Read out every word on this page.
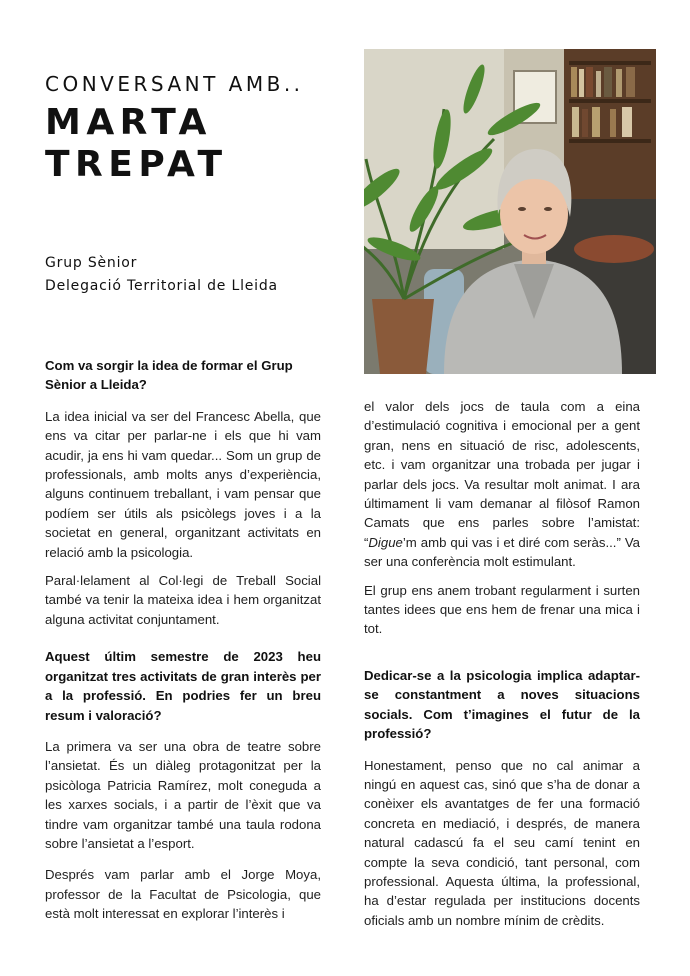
CONVERSANT AMB..
MARTA
TREPAT
Grup Sènior
Delegació Territorial de Lleida

Com va sorgir la idea de formar el Grup Sènior a Lleida?

La idea inicial va ser del Francesc Abella, que ens va citar per parlar-ne i els que hi vam acudir, ja ens hi vam quedar... Som un grup de professionals, amb molts anys d’experiència, alguns continuem treballant, i vam pensar que podíem ser útils als psicòlegs joves i a la societat en general, organitzant activitats en relació amb la psicologia.

Paral·lelament al Col·legi de Treball Social també va tenir la mateixa idea i hem organitzat alguna activitat conjuntament.

Aquest últim semestre de 2023 heu organitzat tres activitats de gran interès per a la professió. En podries fer un breu resum i valoració?

La primera va ser una obra de teatre sobre l’ansietat. És un diàleg protagonitzat per la psicòloga Patricia Ramírez, molt coneguda a les xarxes socials, i a partir de l’èxit que va tindre vam organitzar també una taula rodona sobre l’ansietat a l’esport.

Després vam parlar amb el Jorge Moya, professor de la Facultat de Psicologia, que està molt interessat en explorar l’interès i

el valor dels jocs de taula com a eina d’estimulació cognitiva i emocional per a gent gran, nens en situació de risc, adolescents, etc. i vam organitzar una trobada per jugar i parlar dels jocs. Va resultar molt animat. I ara últimament li vam demanar al filòsof Ramon Camats que ens parles sobre l’amistat: “Digue’m amb qui vas i et diré com seràs...” Va ser una conferència molt estimulant.

El grup ens anem trobant regularment i surten tantes idees que ens hem de frenar una mica i tot.

Dedicar-se a la psicologia implica adaptar-se constantment a noves situacions socials. Com t’imagines el futur de la professió?

Honestament, penso que no cal animar a ningú en aquest cas, sinó que s’ha de donar a conèixer els avantatges de fer una formació concreta en mediació, i després, de manera natural cadascú fa el seu camí tenint en compte la seva condició, tant personal, com professional. Aquesta última, la professional, ha d’estar regulada per institucions docents oficials amb un nombre mínim de crèdits.
